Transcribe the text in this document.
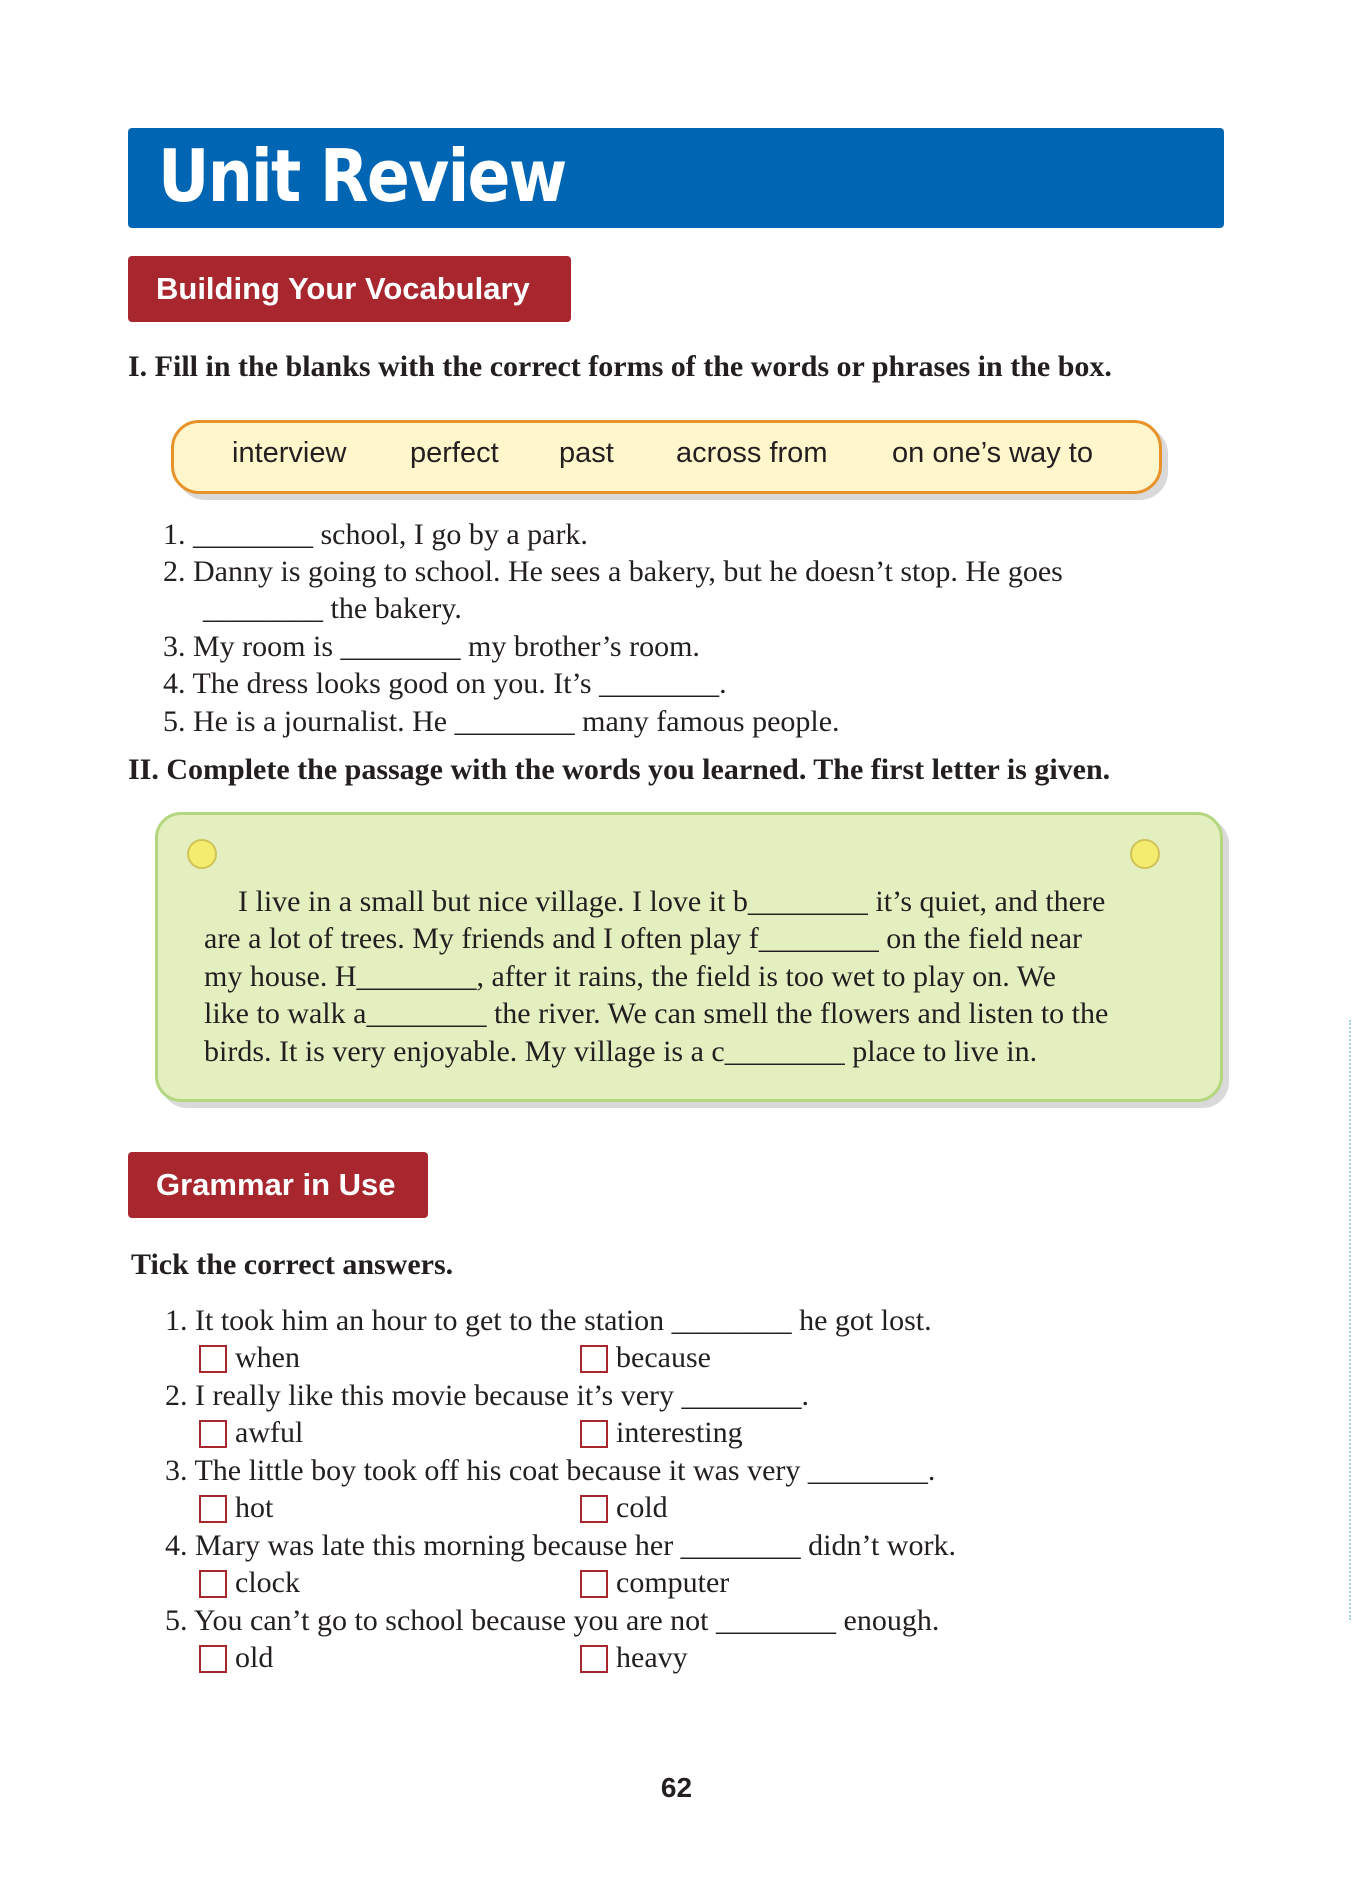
Unit Review
Building Your Vocabulary
I. Fill in the blanks with the correct forms of the words or phrases in the box.
interview perfect past across from on one’s way to
1. ________ school, I go by a park.
2. Danny is going to school. He sees a bakery, but he doesn’t stop. He goes
________ the bakery.
3. My room is ________ my brother’s room.
4. The dress looks good on you. It’s ________.
5. He is a journalist. He ________ many famous people.
II. Complete the passage with the words you learned. The first letter is given.
I live in a small but nice village. I love it b________ it’s quiet, and there
are a lot of trees. My friends and I often play f________ on the field near
my house. H________, after it rains, the field is too wet to play on. We
like to walk a________ the river. We can smell the flowers and listen to the
birds. It is very enjoyable. My village is a c________ place to live in.
Grammar in Use
Tick the correct answers.
1. It took him an hour to get to the station ________ he got lost.
when	because
2. I really like this movie because it’s very ________.
awful	interesting
3. The little boy took off his coat because it was very ________.
hot	cold
4. Mary was late this morning because her ________ didn’t work.
clock	computer
5. You can’t go to school because you are not ________ enough.
old	heavy
62
